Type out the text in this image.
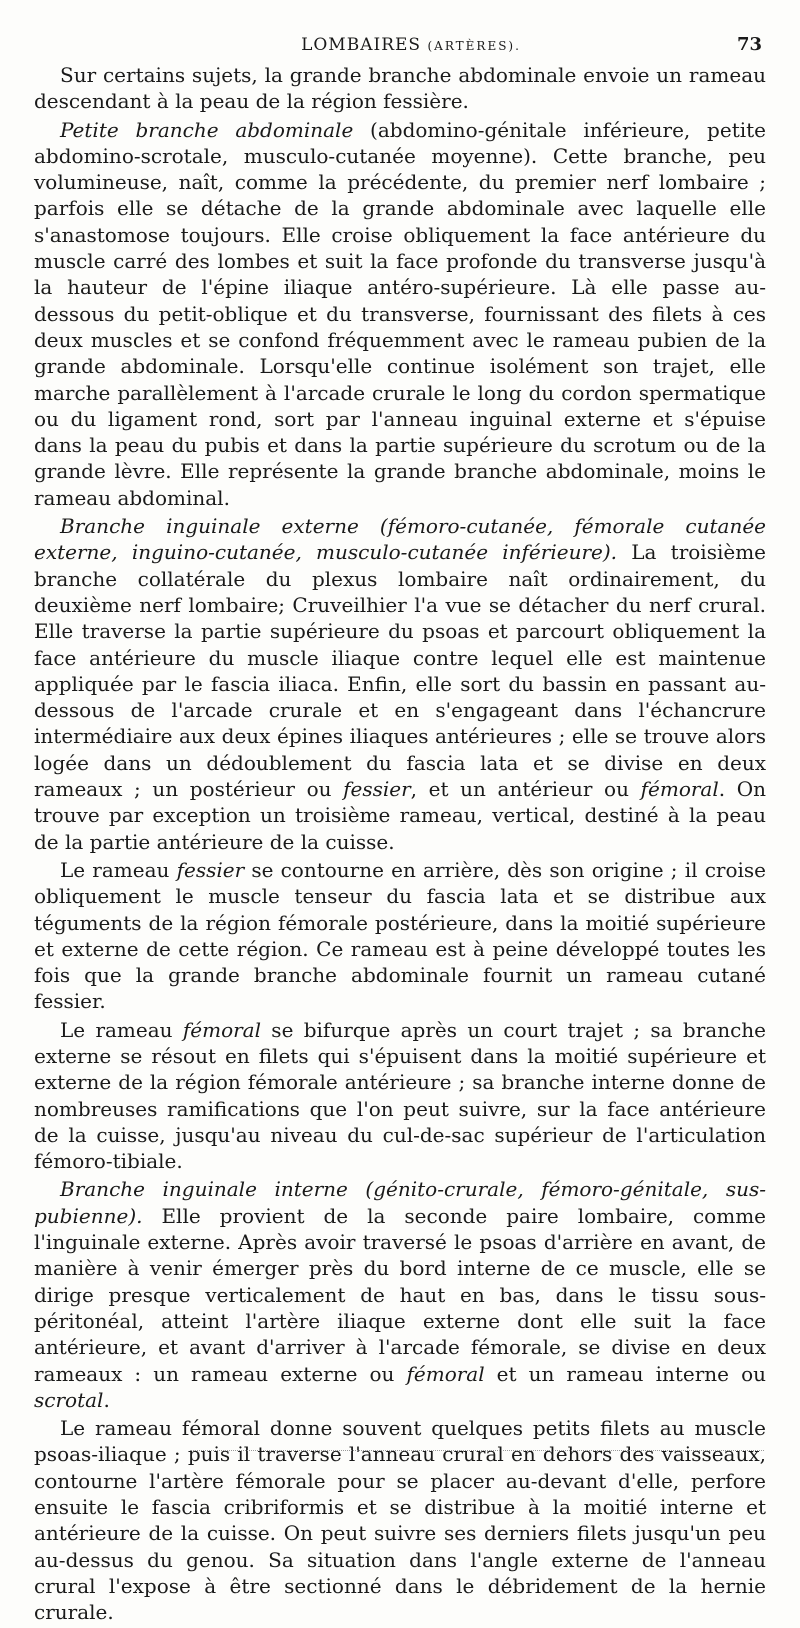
LOMBAIRES (ARTÈRES).	73

Sur certains sujets, la grande branche abdominale envoie un rameau descendant à la peau de la région fessière.

Petite branche abdominale (abdomino-génitale inférieure, petite abdomino-scrotale, musculo-cutanée moyenne). Cette branche, peu volumineuse, naît, comme la précédente, du premier nerf lombaire ; parfois elle se détache de la grande abdominale avec laquelle elle s'anastomose toujours. Elle croise obliquement la face antérieure du muscle carré des lombes et suit la face profonde du transverse jusqu'à la hauteur de l'épine iliaque antéro-supérieure. Là elle passe au-dessous du petit-oblique et du transverse, fournissant des filets à ces deux muscles et se confond fréquemment avec le rameau pubien de la grande abdominale. Lorsqu'elle continue isolément son trajet, elle marche parallèlement à l'arcade crurale le long du cordon spermatique ou du ligament rond, sort par l'anneau inguinal externe et s'épuise dans la peau du pubis et dans la partie supérieure du scrotum ou de la grande lèvre. Elle représente la grande branche abdominale, moins le rameau abdominal.

Branche inguinale externe (fémoro-cutanée, fémorale cutanée externe, inguino-cutanée, musculo-cutanée inférieure). La troisième branche collatérale du plexus lombaire naît ordinairement, du deuxième nerf lombaire; Cruveilhier l'a vue se détacher du nerf crural. Elle traverse la partie supérieure du psoas et parcourt obliquement la face antérieure du muscle iliaque contre lequel elle est maintenue appliquée par le fascia iliaca. Enfin, elle sort du bassin en passant au-dessous de l'arcade crurale et en s'engageant dans l'échancrure intermédiaire aux deux épines iliaques antérieures ; elle se trouve alors logée dans un dédoublement du fascia lata et se divise en deux rameaux ; un postérieur ou fessier, et un antérieur ou fémoral. On trouve par exception un troisième rameau, vertical, destiné à la peau de la partie antérieure de la cuisse.

Le rameau fessier se contourne en arrière, dès son origine ; il croise obliquement le muscle tenseur du fascia lata et se distribue aux téguments de la région fémorale postérieure, dans la moitié supérieure et externe de cette région. Ce rameau est à peine développé toutes les fois que la grande branche abdominale fournit un rameau cutané fessier.

Le rameau fémoral se bifurque après un court trajet ; sa branche externe se résout en filets qui s'épuisent dans la moitié supérieure et externe de la région fémorale antérieure ; sa branche interne donne de nombreuses ramifications que l'on peut suivre, sur la face antérieure de la cuisse, jusqu'au niveau du cul-de-sac supérieur de l'articulation fémoro-tibiale.

Branche inguinale interne (génito-crurale, fémoro-génitale, sus-pubienne). Elle provient de la seconde paire lombaire, comme l'inguinale externe. Après avoir traversé le psoas d'arrière en avant, de manière à venir émerger près du bord interne de ce muscle, elle se dirige presque verticalement de haut en bas, dans le tissu sous-péritonéal, atteint l'artère iliaque externe dont elle suit la face antérieure, et avant d'arriver à l'arcade fémorale, se divise en deux rameaux : un rameau externe ou fémoral et un rameau interne ou scrotal.

Le rameau fémoral donne souvent quelques petits filets au muscle psoas-iliaque ; puis il traverse l'anneau crural en dehors des vaisseaux, contourne l'artère fémorale pour se placer au-devant d'elle, perfore ensuite le fascia cribriformis et se distribue à la moitié interne et antérieure de la cuisse. On peut suivre ses derniers filets jusqu'un peu au-dessus du genou. Sa situation dans l'angle externe de l'anneau crural l'expose à être sectionné dans le débridement de la hernie crurale.
